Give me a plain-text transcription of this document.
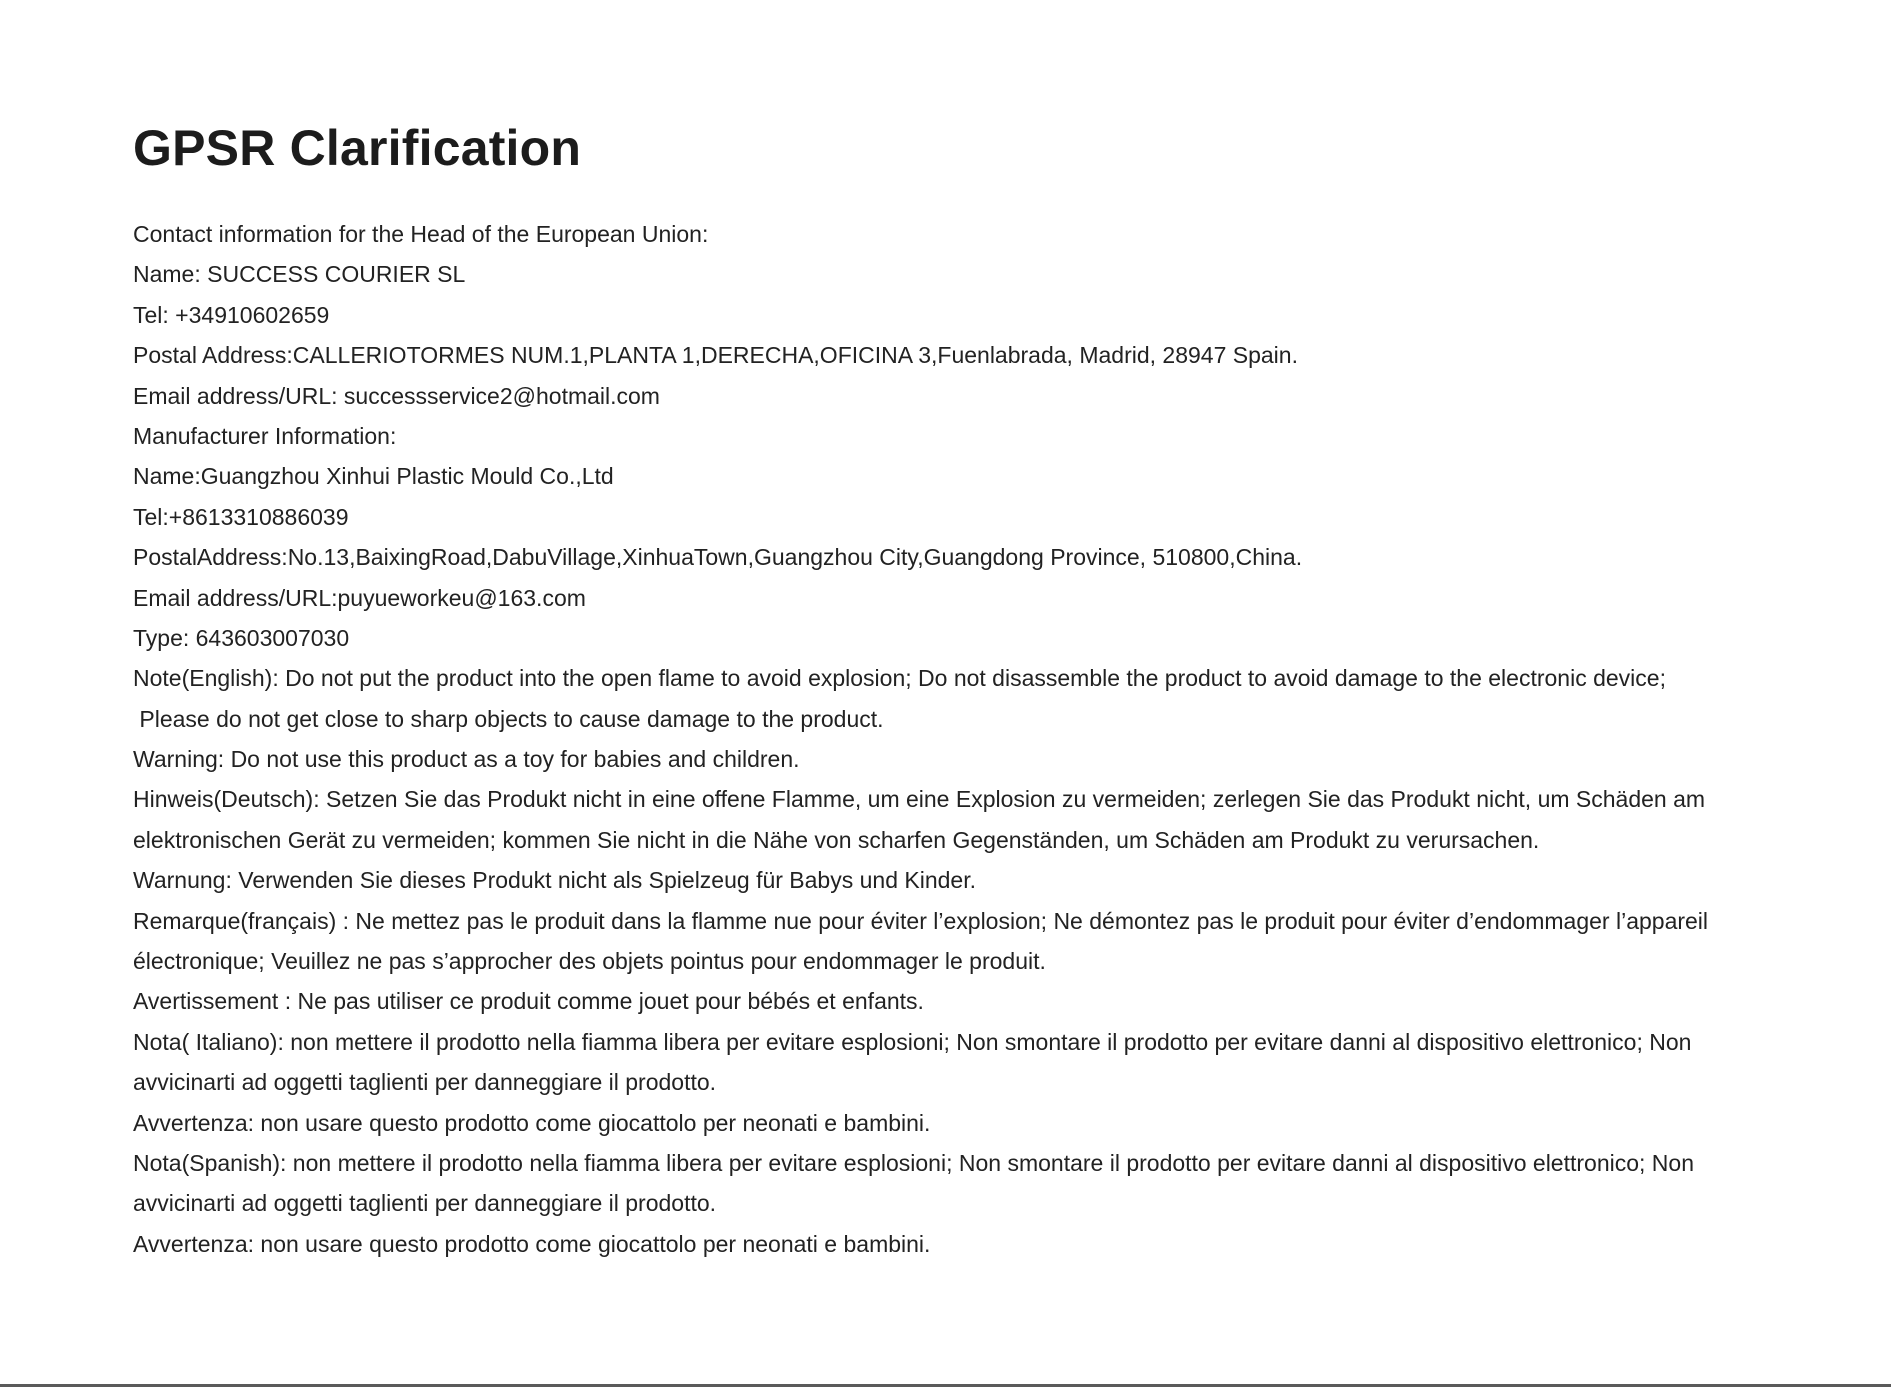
GPSR Clarification
Contact information for the Head of the European Union:
Name: SUCCESS COURIER SL
Tel: +34910602659
Postal Address:CALLERIOTORMES NUM.1,PLANTA 1,DERECHA,OFICINA 3,Fuenlabrada, Madrid, 28947 Spain.
Email address/URL: successservice2@hotmail.com
Manufacturer Information:
Name:Guangzhou Xinhui Plastic Mould Co.,Ltd
Tel:+8613310886039
PostalAddress:No.13,BaixingRoad,DabuVillage,XinhuaTown,Guangzhou City,Guangdong Province, 510800,China.
Email address/URL:puyueworkeu@163.com
Type: 643603007030
Note(English): Do not put the product into the open flame to avoid explosion; Do not disassemble the product to avoid damage to the electronic device;
Please do not get close to sharp objects to cause damage to the product.
Warning: Do not use this product as a toy for babies and children.
Hinweis(Deutsch): Setzen Sie das Produkt nicht in eine offene Flamme, um eine Explosion zu vermeiden; zerlegen Sie das Produkt nicht, um Schäden am
elektronischen Gerät zu vermeiden; kommen Sie nicht in die Nähe von scharfen Gegenständen, um Schäden am Produkt zu verursachen.
Warnung: Verwenden Sie dieses Produkt nicht als Spielzeug für Babys und Kinder.
Remarque(français) : Ne mettez pas le produit dans la flamme nue pour éviter l’explosion; Ne démontez pas le produit pour éviter d’endommager l’appareil
électronique; Veuillez ne pas s’approcher des objets pointus pour endommager le produit.
Avertissement : Ne pas utiliser ce produit comme jouet pour bébés et enfants.
Nota( Italiano): non mettere il prodotto nella fiamma libera per evitare esplosioni; Non smontare il prodotto per evitare danni al dispositivo elettronico; Non
avvicinarti ad oggetti taglienti per danneggiare il prodotto.
Avvertenza: non usare questo prodotto come giocattolo per neonati e bambini.
Nota(Spanish): non mettere il prodotto nella fiamma libera per evitare esplosioni; Non smontare il prodotto per evitare danni al dispositivo elettronico; Non
avvicinarti ad oggetti taglienti per danneggiare il prodotto.
Avvertenza: non usare questo prodotto come giocattolo per neonati e bambini.
